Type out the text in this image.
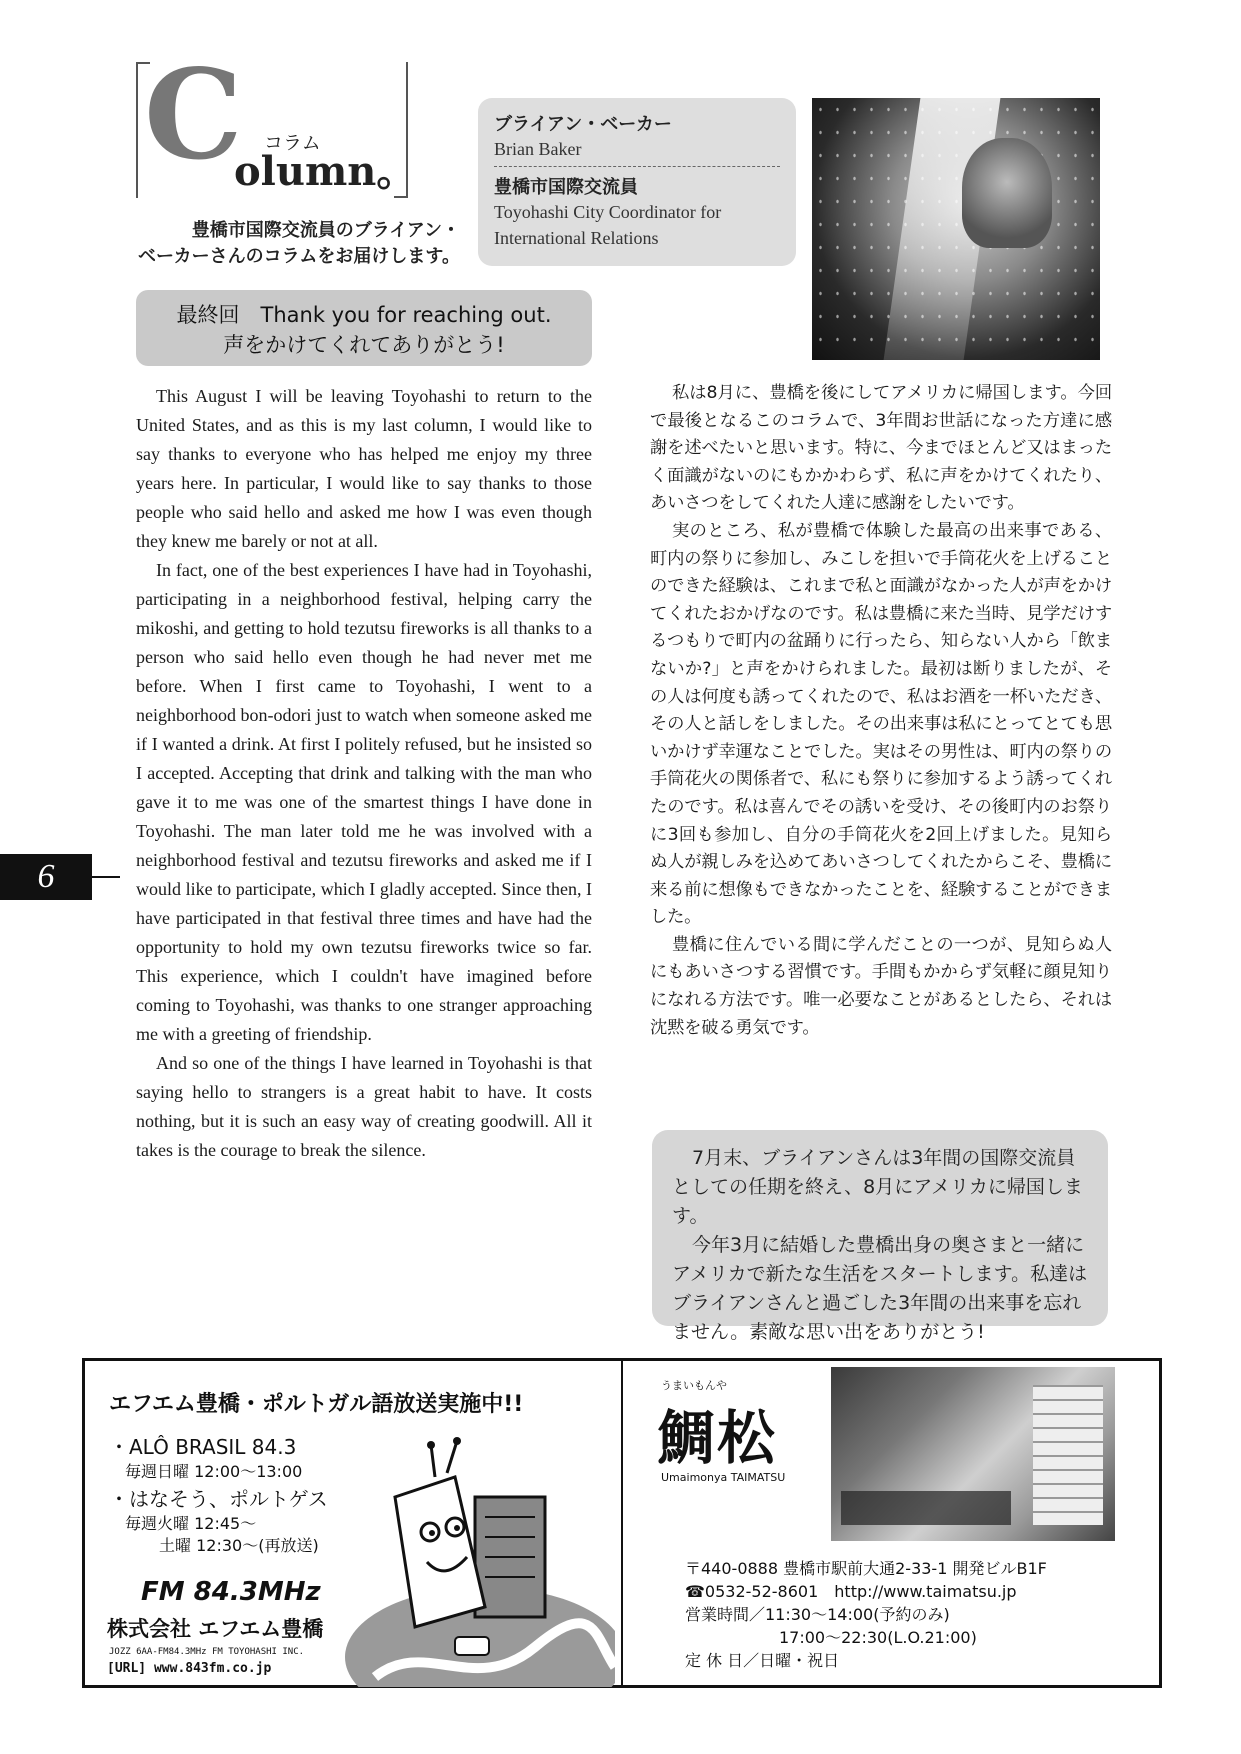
C コラム
olumn。
豊橋市国際交流員のブライアン・
ベーカーさんのコラムをお届けします。
ブライアン・ベーカー
Brian Baker
豊橋市国際交流員
Toyohashi City Coordinator for
International Relations
最終回　Thank you for reaching out.
声をかけてくれてありがとう!

This August I will be leaving Toyohashi to return to the United States, and as this is my last column, I would like to say thanks to everyone who has helped me enjoy my three years here. In particular, I would like to say thanks to those people who said hello and asked me how I was even though they knew me barely or not at all.

In fact, one of the best experiences I have had in Toyohashi, participating in a neighborhood festival, helping carry the mikoshi, and getting to hold tezutsu fireworks is all thanks to a person who said hello even though he had never met me before. When I first came to Toyohashi, I went to a neighborhood bon-odori just to watch when someone asked me if I wanted a drink. At first I politely refused, but he insisted so I accepted. Accepting that drink and talking with the man who gave it to me was one of the smartest things I have done in Toyohashi. The man later told me he was involved with a neighborhood festival and tezutsu fireworks and asked me if I would like to participate, which I gladly accepted. Since then, I have participated in that festival three times and have had the opportunity to hold my own tezutsu fireworks twice so far. This experience, which I couldn't have imagined before coming to Toyohashi, was thanks to one stranger approaching me with a greeting of friendship.

And so one of the things I have learned in Toyohashi is that saying hello to strangers is a great habit to have. It costs nothing, but it is such an easy way of creating goodwill. All it takes is the courage to break the silence.

私は8月に、豊橋を後にしてアメリカに帰国します。今回で最後となるこのコラムで、3年間お世話になった方達に感謝を述べたいと思います。特に、今までほとんど又はまったく面識がないのにもかかわらず、私に声をかけてくれたり、あいさつをしてくれた人達に感謝をしたいです。

実のところ、私が豊橋で体験した最高の出来事である、町内の祭りに参加し、みこしを担いで手筒花火を上げることのできた経験は、これまで私と面識がなかった人が声をかけてくれたおかげなのです。私は豊橋に来た当時、見学だけするつもりで町内の盆踊りに行ったら、知らない人から「飲まないか?」と声をかけられました。最初は断りましたが、その人は何度も誘ってくれたので、私はお酒を一杯いただき、その人と話しをしました。その出来事は私にとってとても思いかけず幸運なことでした。実はその男性は、町内の祭りの手筒花火の関係者で、私にも祭りに参加するよう誘ってくれたのです。私は喜んでその誘いを受け、その後町内のお祭りに3回も参加し、自分の手筒花火を2回上げました。見知らぬ人が親しみを込めてあいさつしてくれたからこそ、豊橋に来る前に想像もできなかったことを、経験することができました。

豊橋に住んでいる間に学んだことの一つが、見知らぬ人にもあいさつする習慣です。手間もかからず気軽に顔見知りになれる方法です。唯一必要なことがあるとしたら、それは沈黙を破る勇気です。

7月末、ブライアンさんは3年間の国際交流員としての任期を終え、8月にアメリカに帰国します。

今年3月に結婚した豊橋出身の奥さまと一緒にアメリカで新たな生活をスタートします。私達はブライアンさんと過ごした3年間の出来事を忘れません。素敵な思い出をありがとう!

6
エフエム豊橋・ポルトガル語放送実施中!!
・ALÔ BRASIL 84.3
毎週日曜 12:00〜13:00
・はなそう、ポルトゲス
毎週火曜 12:45〜
土曜 12:30〜(再放送)
FM 84.3MHz
株式会社 エフエム豊橋
JOZZ 6AA-FM84.3MHz FM TOYOHASHI INC.
[URL] www.843fm.co.jp
うまいもんや
鯛松
Umaimonya TAIMATSU
〒440-0888 豊橋市駅前大通2-33-1 開発ビルB1F
☎0532-52-8601　http://www.taimatsu.jp
営業時間／11:30〜14:00(予約のみ)
17:00〜22:30(L.O.21:00)
定 休 日／日曜・祝日
